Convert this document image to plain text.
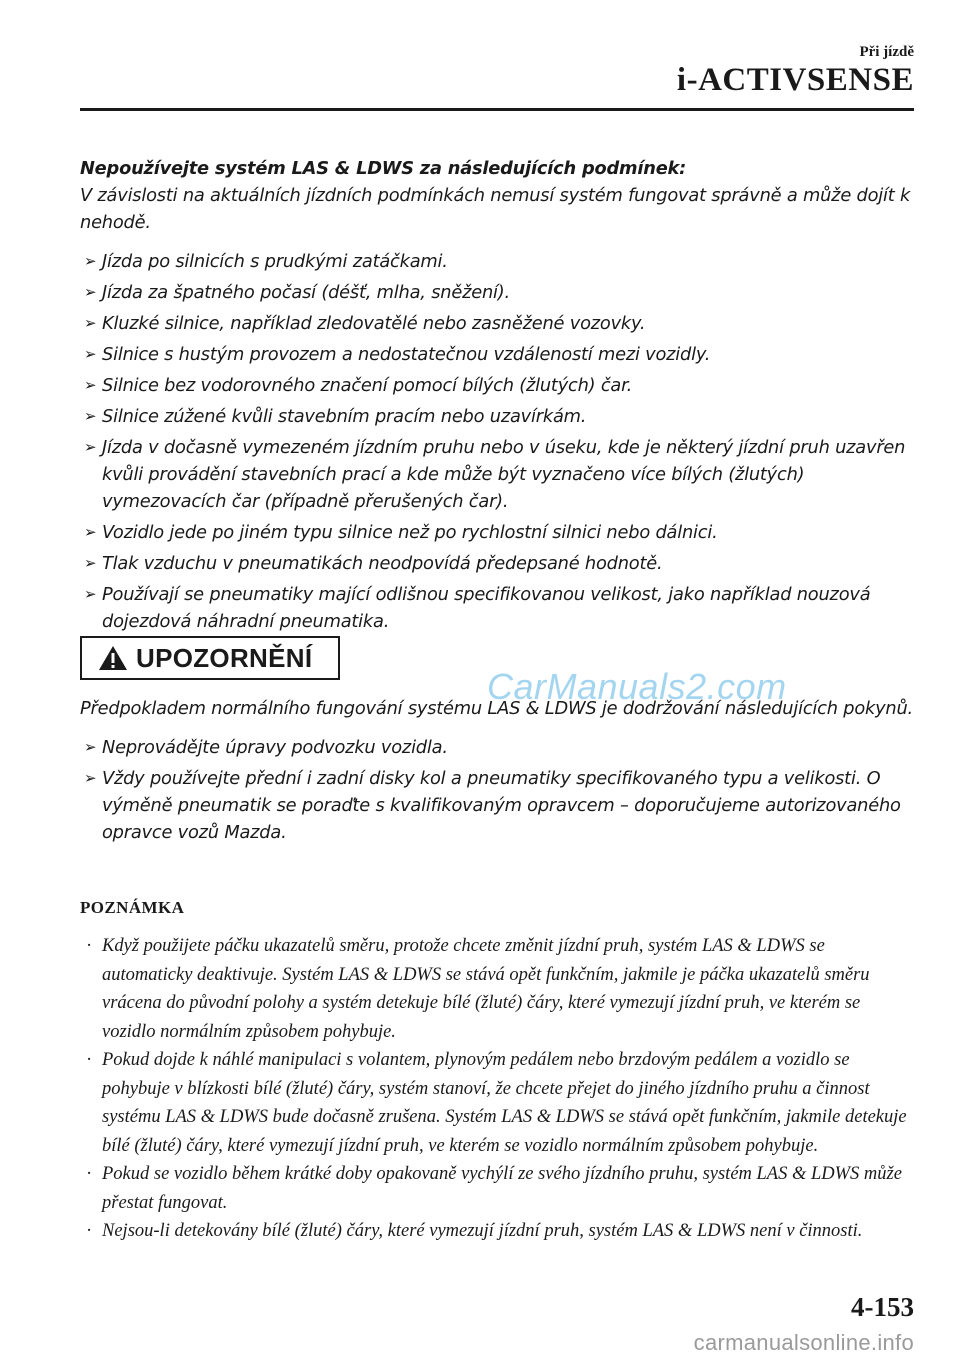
Při jízdě
i-ACTIVSENSE

Nepoužívejte systém LAS & LDWS za následujících podmínek:

V závislosti na aktuálních jízdních podmínkách nemusí systém fungovat správně a může dojít k nehodě.

➢ Jízda po silnicích s prudkými zatáčkami.
➢ Jízda za špatného počasí (déšť, mlha, sněžení).
➢ Kluzké silnice, například zledovatělé nebo zasněžené vozovky.
➢ Silnice s hustým provozem a nedostatečnou vzdáleností mezi vozidly.
➢ Silnice bez vodorovného značení pomocí bílých (žlutých) čar.
➢ Silnice zúžené kvůli stavebním pracím nebo uzavírkám.
➢ Jízda v dočasně vymezeném jízdním pruhu nebo v úseku, kde je některý jízdní pruh uzavřen kvůli provádění stavebních prací a kde může být vyznačeno více bílých (žlutých) vymezovacích čar (případně přerušených čar).
➢ Vozidlo jede po jiném typu silnice než po rychlostní silnici nebo dálnici.
➢ Tlak vzduchu v pneumatikách neodpovídá předepsané hodnotě.
➢ Používají se pneumatiky mající odlišnou specifikovanou velikost, jako například nouzová dojezdová náhradní pneumatika.
UPOZORNĚNÍ

Předpokladem normálního fungování systému LAS & LDWS je dodržování následujících pokynů.

➢ Neprovádějte úpravy podvozku vozidla.
➢ Vždy používejte přední i zadní disky kol a pneumatiky specifikovaného typu a velikosti. O výměně pneumatik se poraďte s kvalifikovaným opravcem – doporučujeme autorizovaného opravce vozů Mazda.
CarManuals2.com
POZNÁMKA
· Když použijete páčku ukazatelů směru, protože chcete změnit jízdní pruh, systém LAS & LDWS se automaticky deaktivuje. Systém LAS & LDWS se stává opět funkčním, jakmile je páčka ukazatelů směru vrácena do původní polohy a systém detekuje bílé (žluté) čáry, které vymezují jízdní pruh, ve kterém se vozidlo normálním způsobem pohybuje.
· Pokud dojde k náhlé manipulaci s volantem, plynovým pedálem nebo brzdovým pedálem a vozidlo se pohybuje v blízkosti bílé (žluté) čáry, systém stanoví, že chcete přejet do jiného jízdního pruhu a činnost systému LAS & LDWS bude dočasně zrušena. Systém LAS & LDWS se stává opět funkčním, jakmile detekuje bílé (žluté) čáry, které vymezují jízdní pruh, ve kterém se vozidlo normálním způsobem pohybuje.
· Pokud se vozidlo během krátké doby opakovaně vychýlí ze svého jízdního pruhu, systém LAS & LDWS může přestat fungovat.
· Nejsou-li detekovány bílé (žluté) čáry, které vymezují jízdní pruh, systém LAS & LDWS není v činnosti.
4-153
carmanualsonline.info
